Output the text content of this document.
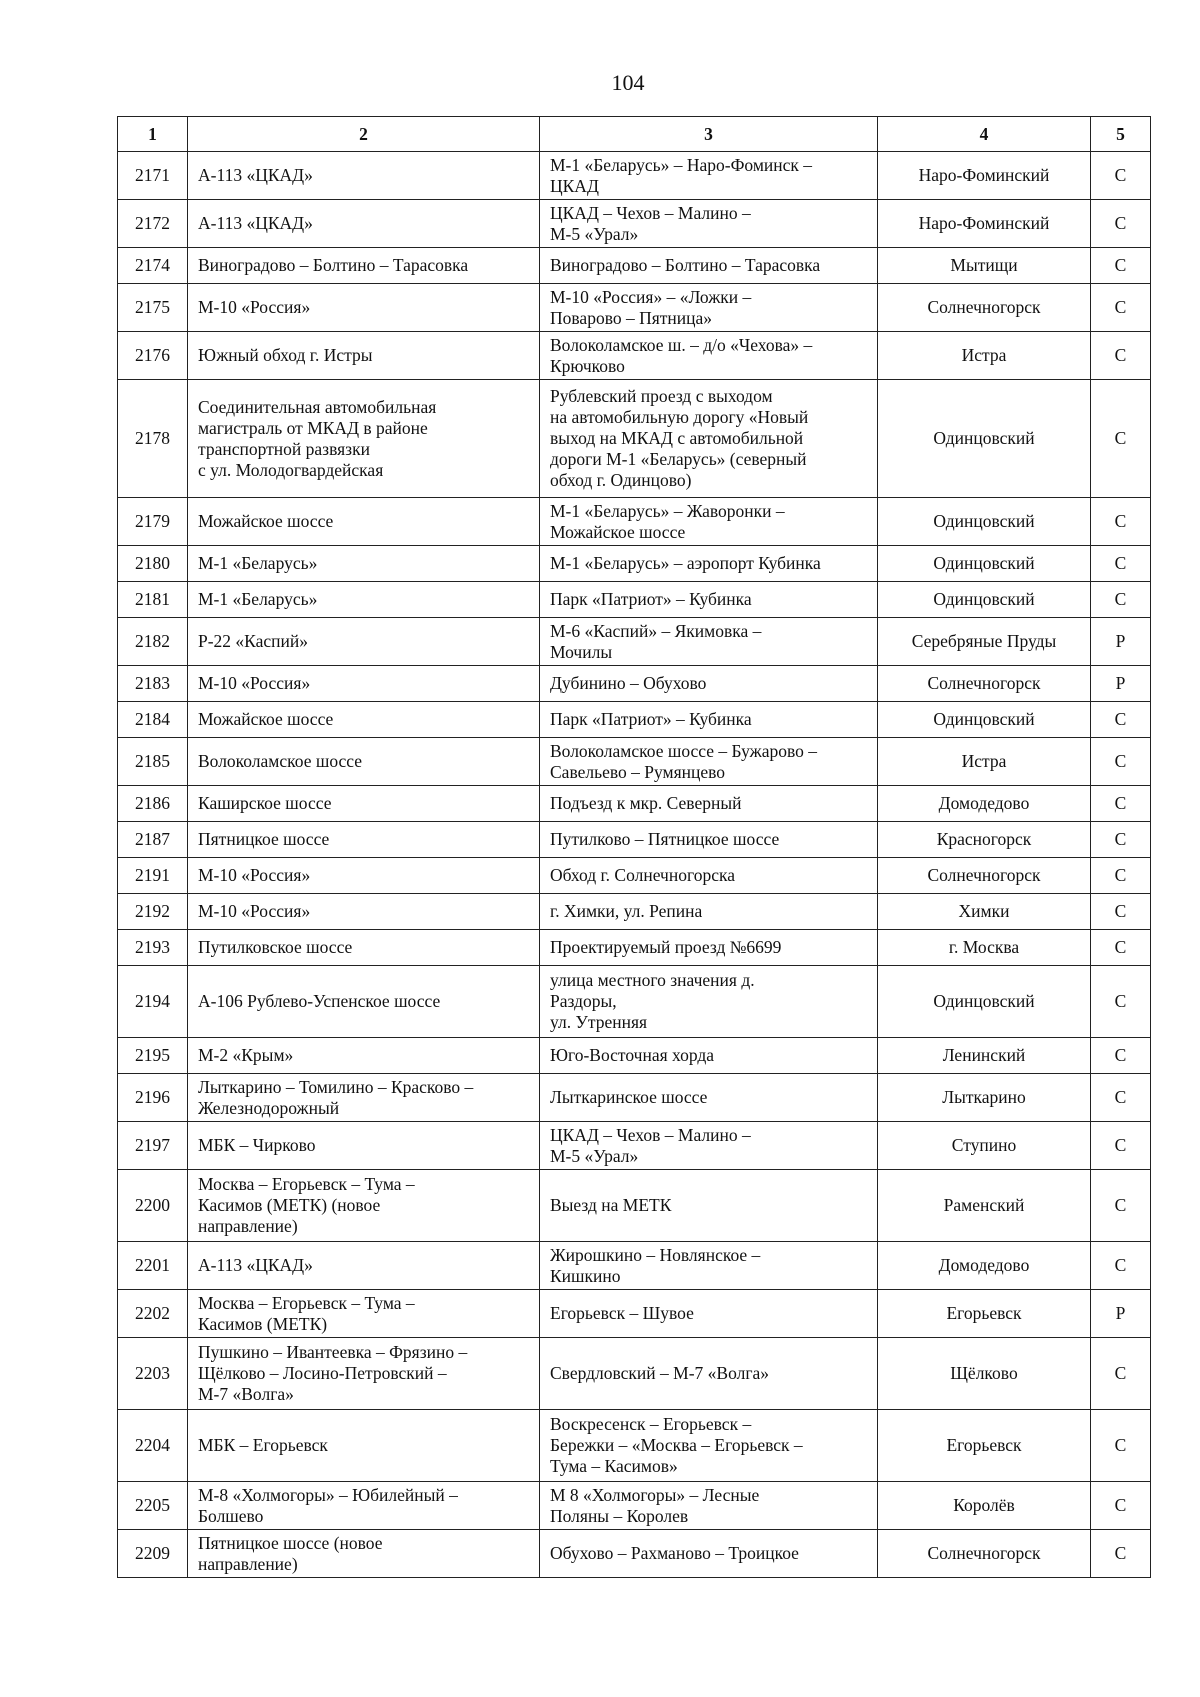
104
1	2	3	4	5
2171	А-113 «ЦКАД»	М-1 «Беларусь» – Наро-Фоминск –
ЦКАД	Наро-Фоминский	С
2172	А-113 «ЦКАД»	ЦКАД – Чехов – Малино –
М-5 «Урал»	Наро-Фоминский	С
2174	Виноградово – Болтино – Тарасовка	Виноградово – Болтино – Тарасовка	Мытищи	С
2175	М-10 «Россия»	М-10 «Россия» – «Ложки –
Поварово – Пятница»	Солнечногорск	С
2176	Южный обход г. Истры	Волоколамское ш. – д/о «Чехова» –
Крючково	Истра	С
2178	Соединительная автомобильная
магистраль от МКАД в районе
транспортной развязки
с ул. Молодогвардейская	Рублевский проезд с выходом
на автомобильную дорогу «Новый
выход на МКАД с автомобильной
дороги М-1 «Беларусь» (северный
обход г. Одинцово)	Одинцовский	С
2179	Можайское шоссе	М-1 «Беларусь» – Жаворонки –
Можайское шоссе	Одинцовский	С
2180	М-1 «Беларусь»	М-1 «Беларусь» – аэропорт Кубинка	Одинцовский	С
2181	М-1 «Беларусь»	Парк «Патриот» – Кубинка	Одинцовский	С
2182	Р-22 «Каспий»	М-6 «Каспий» – Якимовка –
Мочилы	Серебряные Пруды	Р
2183	М-10 «Россия»	Дубинино – Обухово	Солнечногорск	Р
2184	Можайское шоссе	Парк «Патриот» – Кубинка	Одинцовский	С
2185	Волоколамское шоссе	Волоколамское шоссе – Бужарово –
Савельево – Румянцево	Истра	С
2186	Каширское шоссе	Подъезд к мкр. Северный	Домодедово	С
2187	Пятницкое шоссе	Путилково – Пятницкое шоссе	Красногорск	С
2191	М-10 «Россия»	Обход г. Солнечногорска	Солнечногорск	С
2192	М-10 «Россия»	г. Химки, ул. Репина	Химки	С
2193	Путилковское шоссе	Проектируемый проезд №6699	г. Москва	С
2194	А-106 Рублево-Успенское шоссе	улица местного значения д.
Раздоры,
ул. Утренняя	Одинцовский	С
2195	М-2 «Крым»	Юго-Восточная хорда	Ленинский	С
2196	Лыткарино – Томилино – Красково –
Железнодорожный	Лыткаринское шоссе	Лыткарино	С
2197	МБК – Чирково	ЦКАД – Чехов – Малино –
М-5 «Урал»	Ступино	С
2200	Москва – Егорьевск – Тума –
Касимов (МЕТК) (новое
направление)	Выезд на МЕТК	Раменский	С
2201	А-113 «ЦКАД»	Жирошкино – Новлянское –
Кишкино	Домодедово	С
2202	Москва – Егорьевск – Тума –
Касимов (МЕТК)	Егорьевск – Шувое	Егорьевск	Р
2203	Пушкино – Ивантеевка – Фрязино –
Щёлково – Лосино-Петровский –
М-7 «Волга»	Свердловский – М-7 «Волга»	Щёлково	С
2204	МБК – Егорьевск	Воскресенск – Егорьевск –
Бережки – «Москва – Егорьевск –
Тума – Касимов»	Егорьевск	С
2205	М-8 «Холмогоры» – Юбилейный –
Болшево	М 8 «Холмогоры» – Лесные
Поляны – Королев	Королёв	С
2209	Пятницкое шоссе (новое
направление)	Обухово – Рахманово – Троицкое	Солнечногорск	С
